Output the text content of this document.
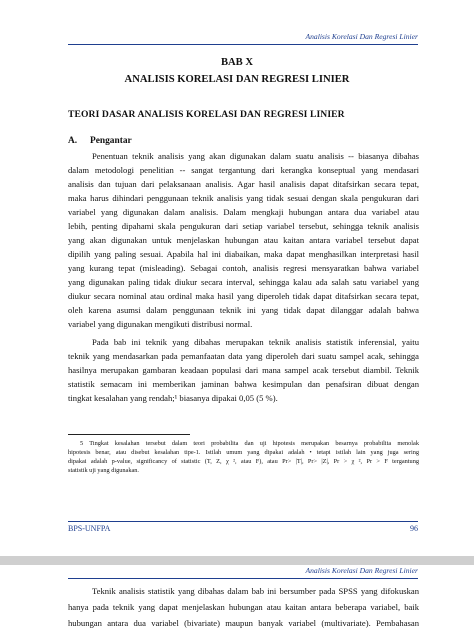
Analisis Korelasi Dan Regresi Linier
BAB X
ANALISIS KORELASI DAN REGRESI LINIER
TEORI DASAR ANALISIS KORELASI DAN REGRESI LINIER
A. Pengantar
Penentuan teknik analisis yang akan digunakan dalam suatu analisis -- biasanya dibahas
dalam metodologi penelitian -- sangat tergantung dari kerangka konseptual yang mendasari
analisis dan tujuan dari pelaksanaan analisis. Agar hasil analisis dapat ditafsirkan secara tepat,
maka harus dihindari penggunaan teknik analisis yang tidak sesuai dengan skala pengukuran dari
variabel yang digunakan dalam analisis. Dalam mengkaji hubungan antara dua variabel atau
lebih, penting dipahami skala pengukuran dari setiap variabel tersebut, sehingga teknik analisis
yang akan digunakan untuk menjelaskan hubungan atau kaitan antara variabel tersebut dapat
dipilih yang paling sesuai. Apabila hal ini diabaikan, maka dapat menghasilkan interpretasi hasil
yang kurang tepat (misleading). Sebagai contoh, analisis regresi mensyaratkan bahwa variabel
yang digunakan paling tidak diukur secara interval, sehingga kalau ada salah satu variabel yang
diukur secara nominal atau ordinal maka hasil yang diperoleh tidak dapat ditafsirkan secara tepat,
oleh karena asumsi dalam penggunaan teknik ini yang tidak dapat dilanggar adalah bahwa
variabel yang digunakan mengikuti distribusi normal.
Pada bab ini teknik yang dibahas merupakan teknik analisis statistik inferensial, yaitu
teknik yang mendasarkan pada pemanfaatan data yang diperoleh dari suatu sampel acak, sehingga
hasilnya merupakan gambaran keadaan populasi dari mana sampel acak tersebut diambil. Teknik
statistik semacam ini memberikan jaminan bahwa kesimpulan dan penafsiran dibuat dengan
tingkat kesalahan yang rendah;¹ biasanya dipakai 0,05 (5 %).
5 Tingkat kesalahan tersebut dalam teori probabilita dan uji hipotesis merupakan besarnya probabilita menolak
hipotesis benar, atau disebut kesalahan tipe-1. Istilah umum yang dipakai adalah • tetapi istilah lain yang juga sering
dipakai adalah p-value, significancy of statistic (T, Z, χ ², atau F), atau Pr> |T|, Pr> |Z|, Pr > χ ², Pr > F tergantung
statistik uji yang digunakan.
BPS-UNFPA	96
Analisis Korelasi Dan Regresi Linier
Teknik analisis statistik yang dibahas dalam bab ini bersumber pada SPSS yang difokuskan
hanya pada teknik yang dapat menjelaskan hubungan atau kaitan antara beberapa variabel, baik
hubungan antara dua variabel (bivariate) maupun banyak variabel (multivariate). Pembahasan
